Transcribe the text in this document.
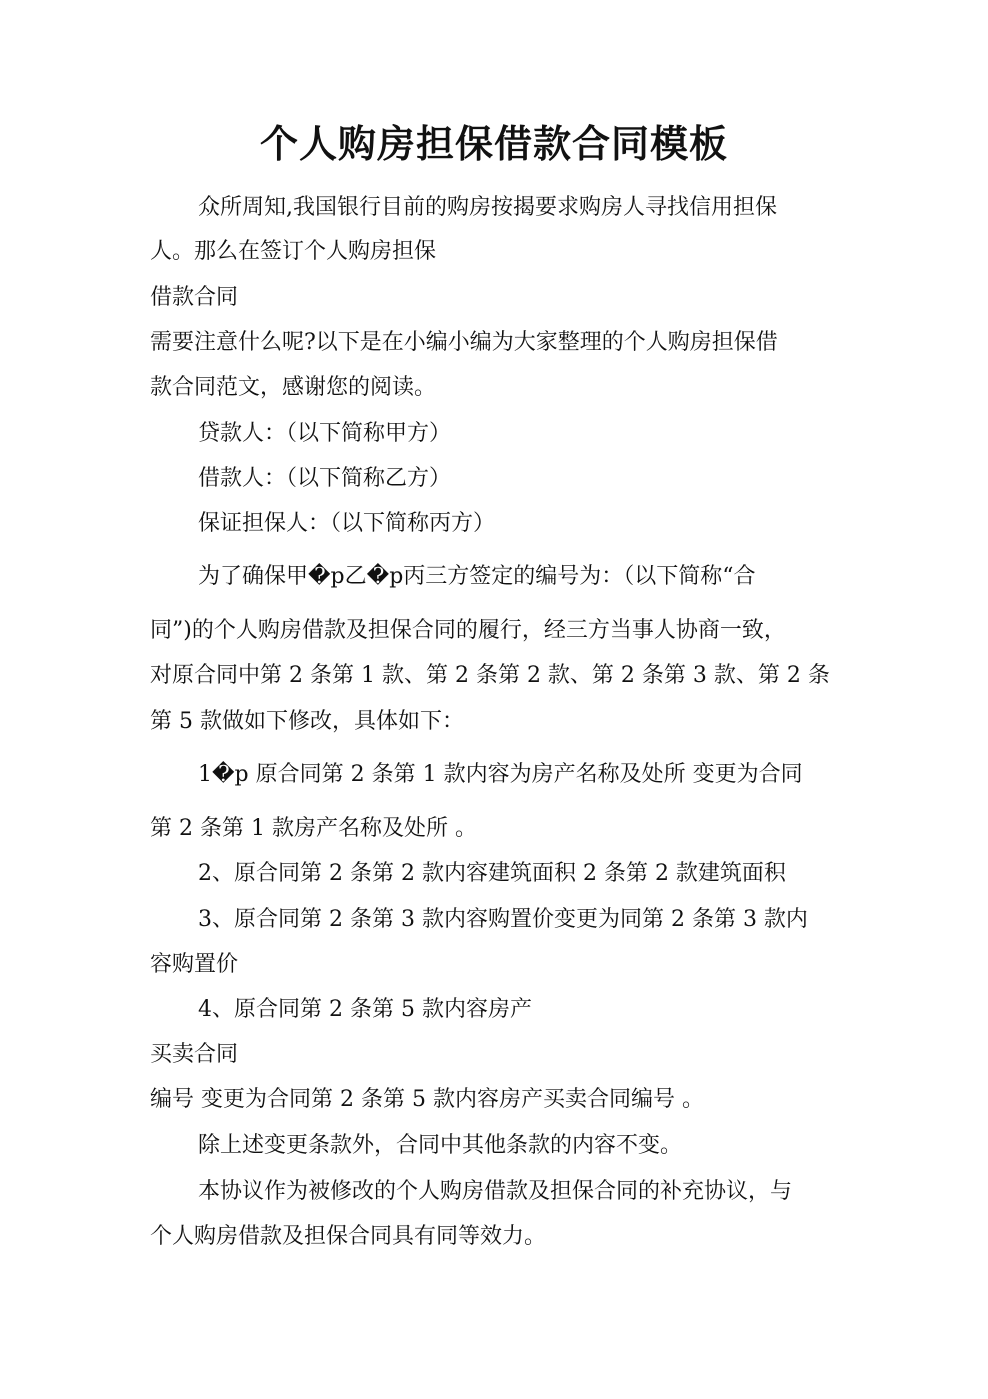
个人购房担保借款合同模板
众所周知,我国银行目前的购房按揭要求购房人寻找信用担保
人。那么在签订个人购房担保
借款合同
需要注意什么呢?以下是在小编小编为大家整理的个人购房担保借
款合同范文，感谢您的阅读。
贷款人：（以下简称甲方）
借款人：（以下简称乙方）
保证担保人：（以下简称丙方）
为了确保甲�p乙�p丙三方签定的编号为：（以下简称“合
同”)的个人购房借款及担保合同的履行，经三方当事人协商一致，
对原合同中第 2 条第 1 款、第 2 条第 2 款、第 2 条第 3 款、第 2 条
第 5 款做如下修改，具体如下：
1�p 原合同第 2 条第 1 款内容为房产名称及处所 变更为合同
第 2 条第 1 款房产名称及处所 。
2、原合同第 2 条第 2 款内容建筑面积 2 条第 2 款建筑面积
3、原合同第 2 条第 3 款内容购置价变更为同第 2 条第 3 款内
容购置价
4、原合同第 2 条第 5 款内容房产
买卖合同
编号 变更为合同第 2 条第 5 款内容房产买卖合同编号 。
除上述变更条款外，合同中其他条款的内容不变。
本协议作为被修改的个人购房借款及担保合同的补充协议，与
个人购房借款及担保合同具有同等效力。
